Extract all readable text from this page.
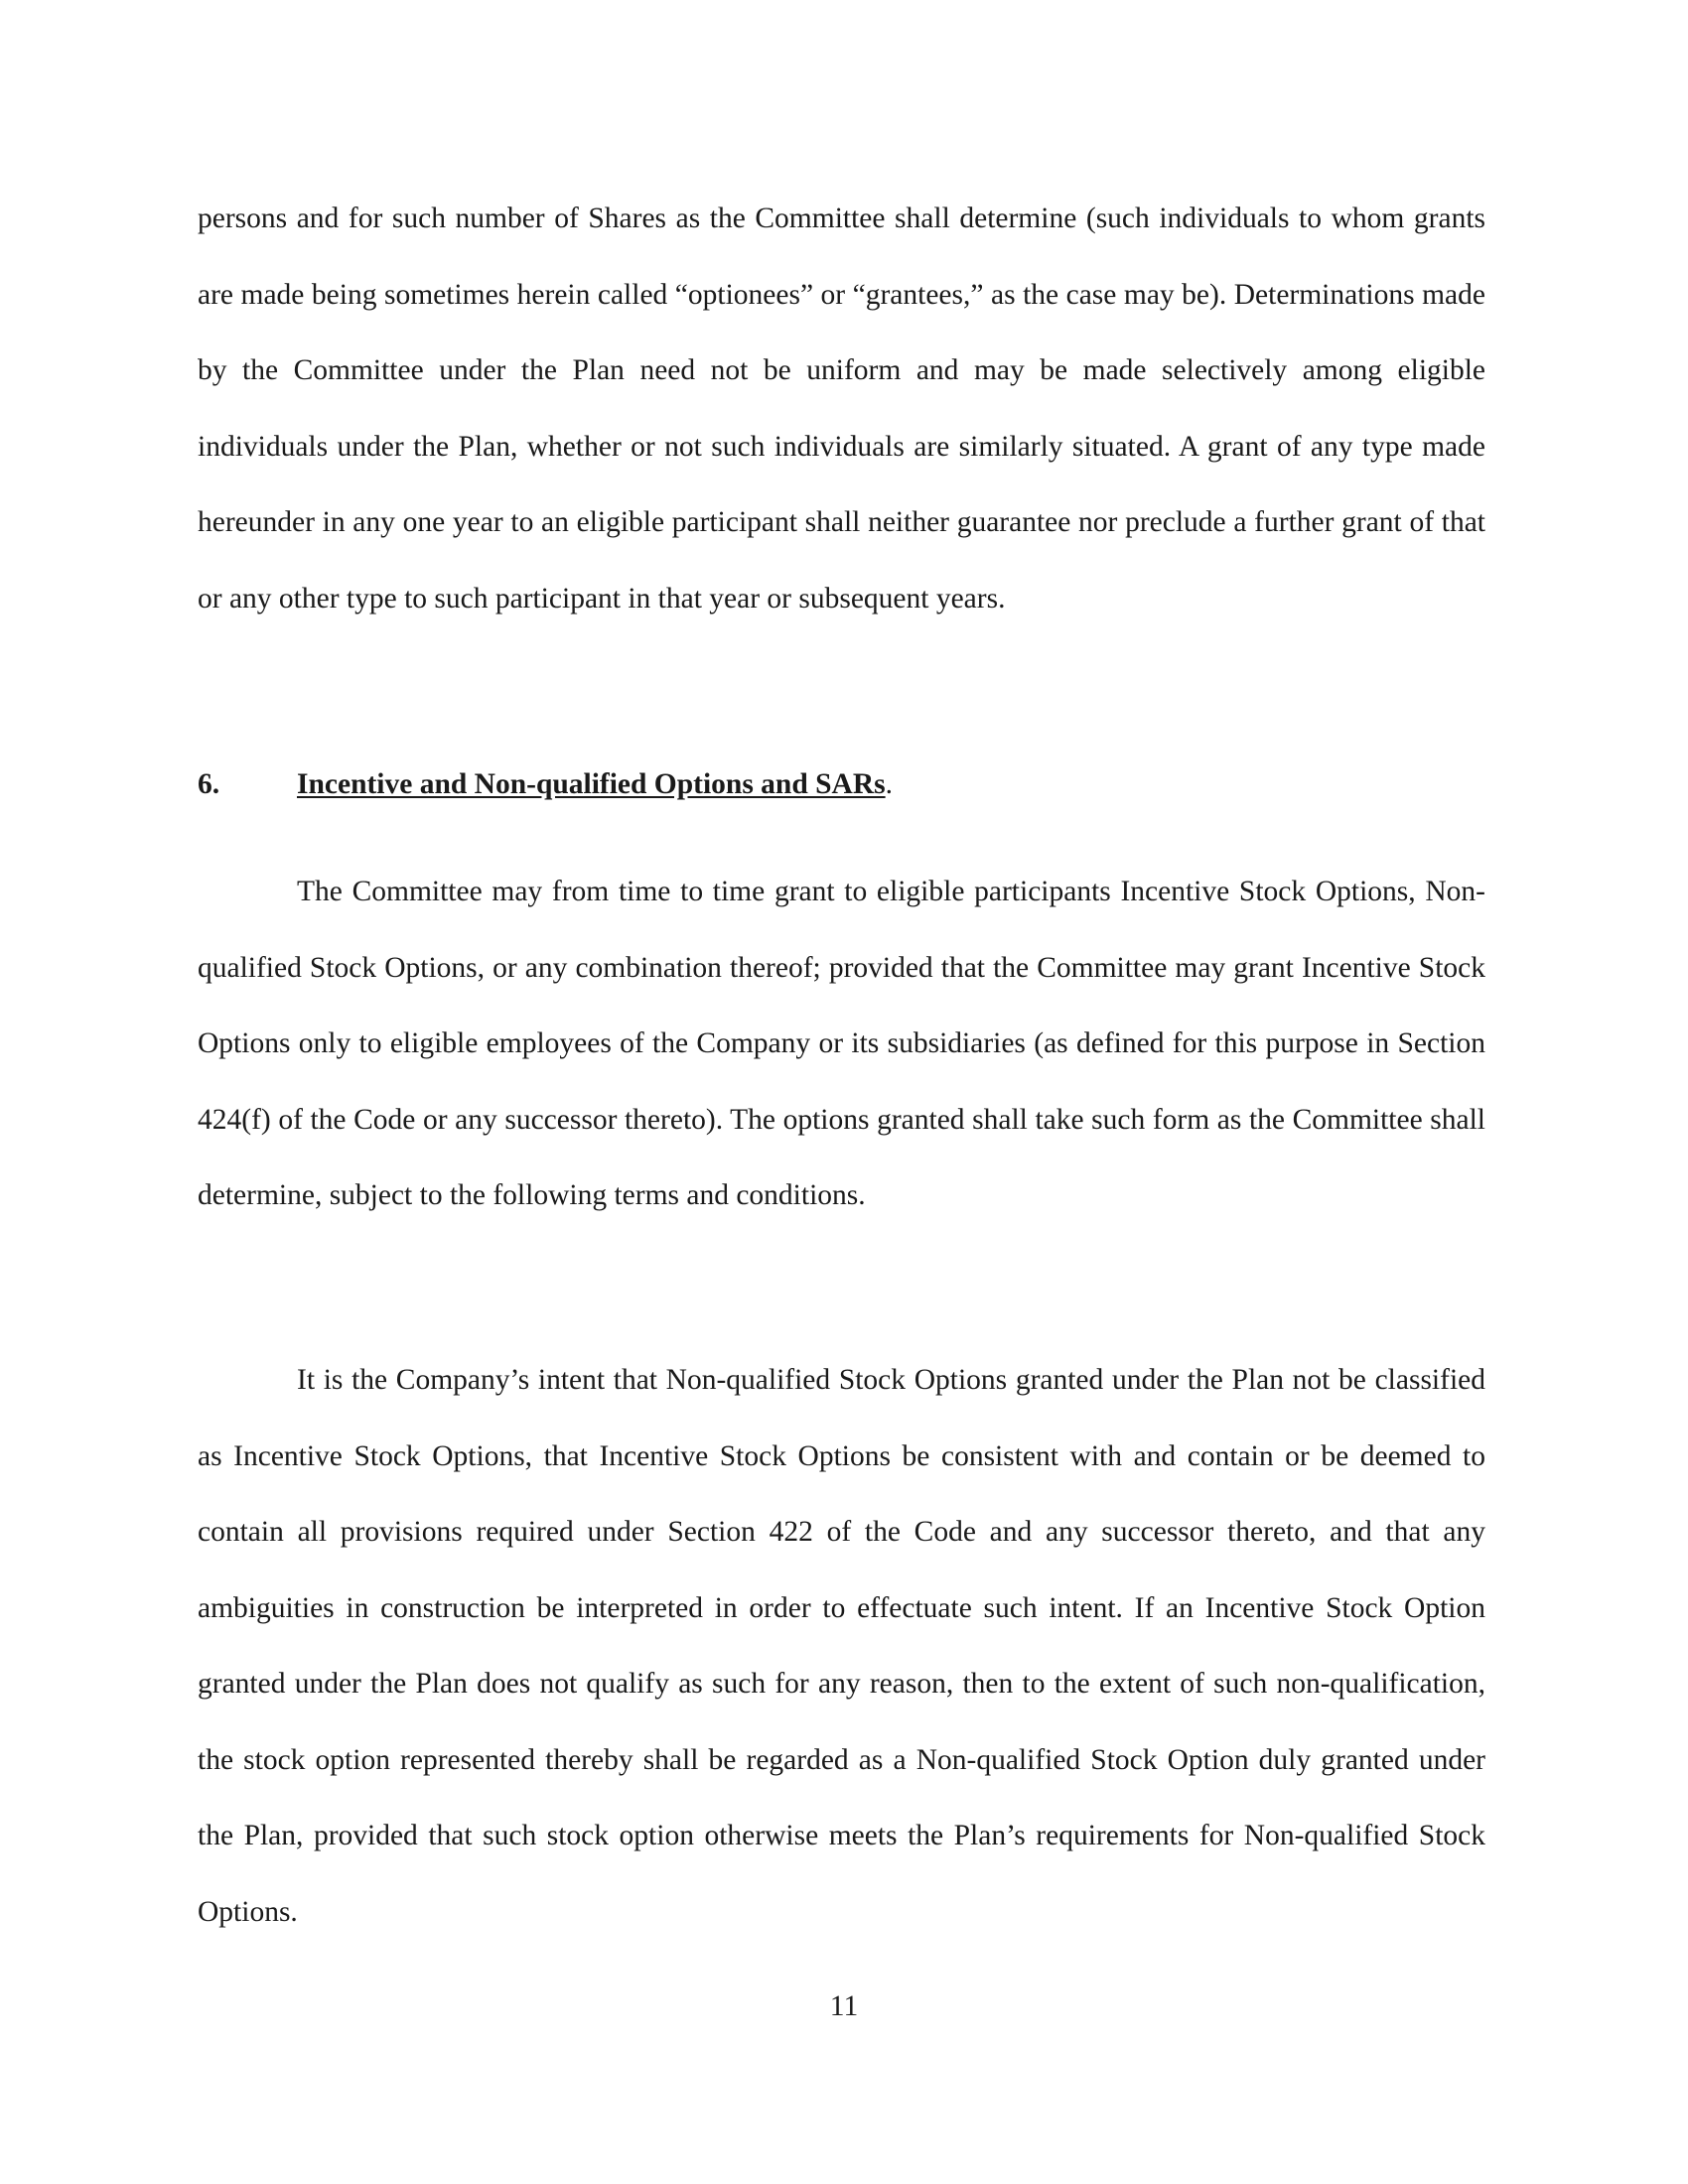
persons and for such number of Shares as the Committee shall determine (such individuals to whom grants are made being sometimes herein called “optionees” or “grantees,” as the case may be). Determinations made by the Committee under the Plan need not be uniform and may be made selectively among eligible individuals under the Plan, whether or not such individuals are similarly situated. A grant of any type made hereunder in any one year to an eligible participant shall neither guarantee nor preclude a further grant of that or any other type to such participant in that year or subsequent years.

6.	Incentive and Non-qualified Options and SARs.

The Committee may from time to time grant to eligible participants Incentive Stock Options, Non-qualified Stock Options, or any combination thereof; provided that the Committee may grant Incentive Stock Options only to eligible employees of the Company or its subsidiaries (as defined for this purpose in Section 424(f) of the Code or any successor thereto). The options granted shall take such form as the Committee shall determine, subject to the following terms and conditions.

It is the Company’s intent that Non-qualified Stock Options granted under the Plan not be classified as Incentive Stock Options, that Incentive Stock Options be consistent with and contain or be deemed to contain all provisions required under Section 422 of the Code and any successor thereto, and that any ambiguities in construction be interpreted in order to effectuate such intent. If an Incentive Stock Option granted under the Plan does not qualify as such for any reason, then to the extent of such non-qualification, the stock option represented thereby shall be regarded as a Non-qualified Stock Option duly granted under the Plan, provided that such stock option otherwise meets the Plan’s requirements for Non-qualified Stock Options.

11
